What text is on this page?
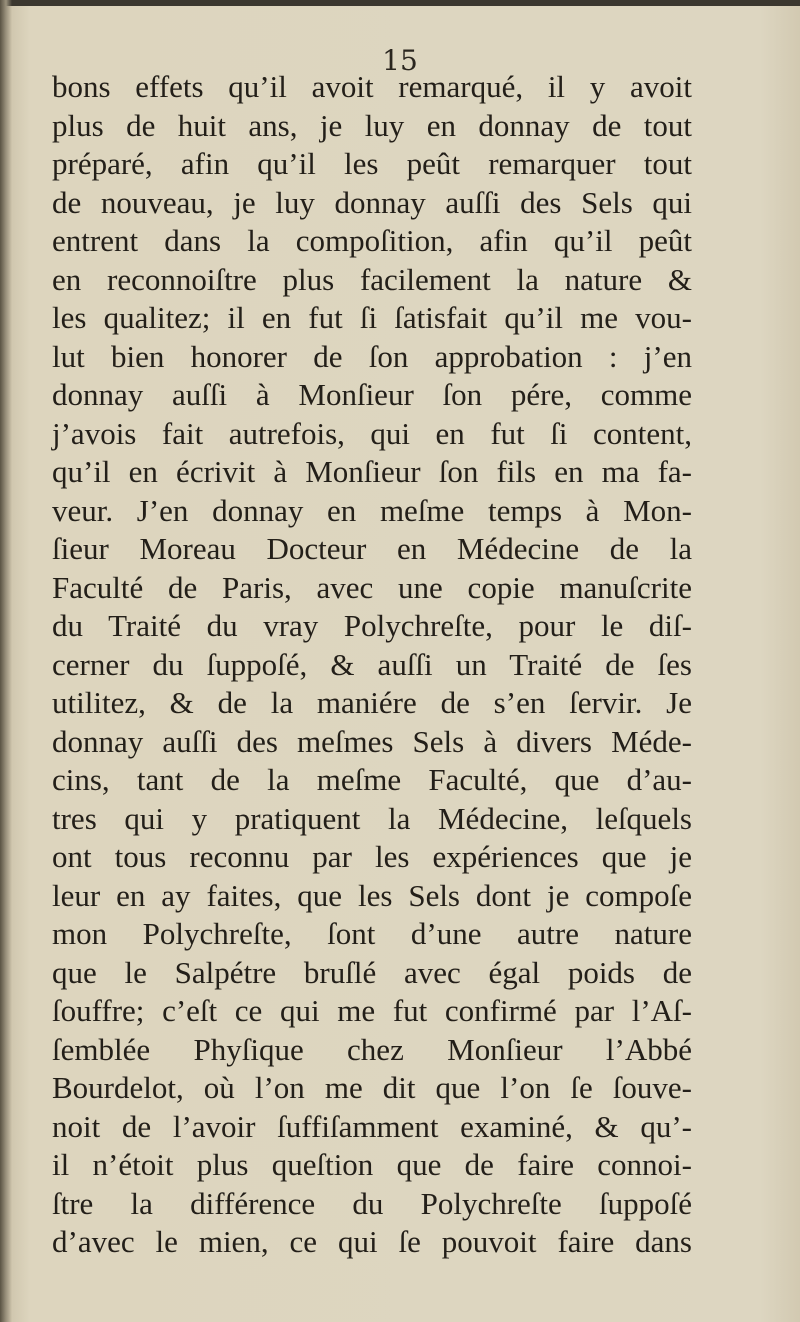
15
bons effets qu’il avoit remarqué, il y avoit
plus de huit ans, je luy en donnay de tout
préparé, afin qu’il les peût remarquer tout
de nouveau, je luy donnay auſſi des Sels qui
entrent dans la compoſition, afin qu’il peût
en reconnoiſtre plus facilement la nature &
les qualitez; il en fut ſi ſatisfait qu’il me vou-
lut bien honorer de ſon approbation : j’en
donnay auſſi à Monſieur ſon pére, comme
j’avois fait autrefois, qui en fut ſi content,
qu’il en écrivit à Monſieur ſon fils en ma fa-
veur. J’en donnay en meſme temps à Mon-
ſieur Moreau Docteur en Médecine de la
Faculté de Paris, avec une copie manuſcrite
du Traité du vray Polychreſte, pour le diſ-
cerner du ſuppoſé, & auſſi un Traité de ſes
utilitez, & de la maniére de s’en ſervir. Je
donnay auſſi des meſmes Sels à divers Méde-
cins, tant de la meſme Faculté, que d’au-
tres qui y pratiquent la Médecine, leſquels
ont tous reconnu par les expériences que je
leur en ay faites, que les Sels dont je compoſe
mon Polychreſte, ſont d’une autre nature
que le Salpétre bruſlé avec égal poids de
ſouffre; c’eſt ce qui me fut confirmé par l’Aſ-
ſemblée Phyſique chez Monſieur l’Abbé
Bourdelot, où l’on me dit que l’on ſe ſouve-
noit de l’avoir ſuffiſamment examiné, & qu’-
il n’étoit plus queſtion que de faire connoi-
ſtre la différence du Polychreſte ſuppoſé
d’avec le mien, ce qui ſe pouvoit faire dans
